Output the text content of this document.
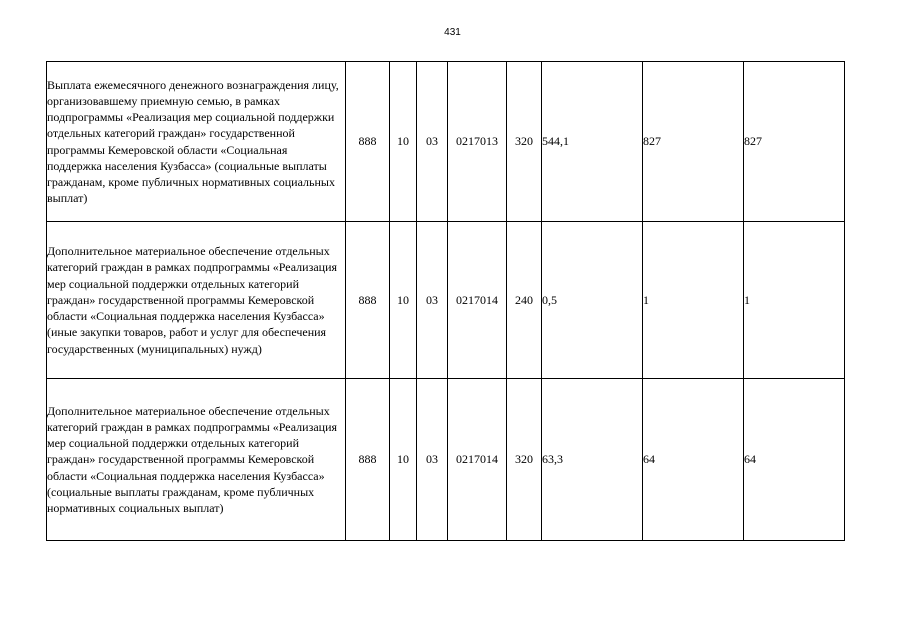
431
Выплата ежемесячного денежного вознаграждения лицу, организовавшему приемную семью, в рамках подпрограммы «Реализация мер социальной поддержки отдельных категорий граждан» государственной программы Кемеровской области «Социальная поддержка населения Кузбасса» (социальные выплаты гражданам, кроме публичных нормативных социальных выплат)	888	10	03	0217013	320	544,1	827	827
Дополнительное материальное обеспечение отдельных категорий граждан в рамках подпрограммы «Реализация мер социальной поддержки отдельных категорий граждан» государственной программы Кемеровской области «Социальная поддержка населения Кузбасса» (иные закупки товаров, работ и услуг для обеспечения государственных (муниципальных) нужд)	888	10	03	0217014	240	0,5	1	1
Дополнительное материальное обеспечение отдельных категорий граждан в рамках подпрограммы «Реализация мер социальной поддержки отдельных категорий граждан» государственной программы Кемеровской области «Социальная поддержка населения Кузбасса» (социальные выплаты гражданам, кроме публичных нормативных социальных выплат)	888	10	03	0217014	320	63,3	64	64
